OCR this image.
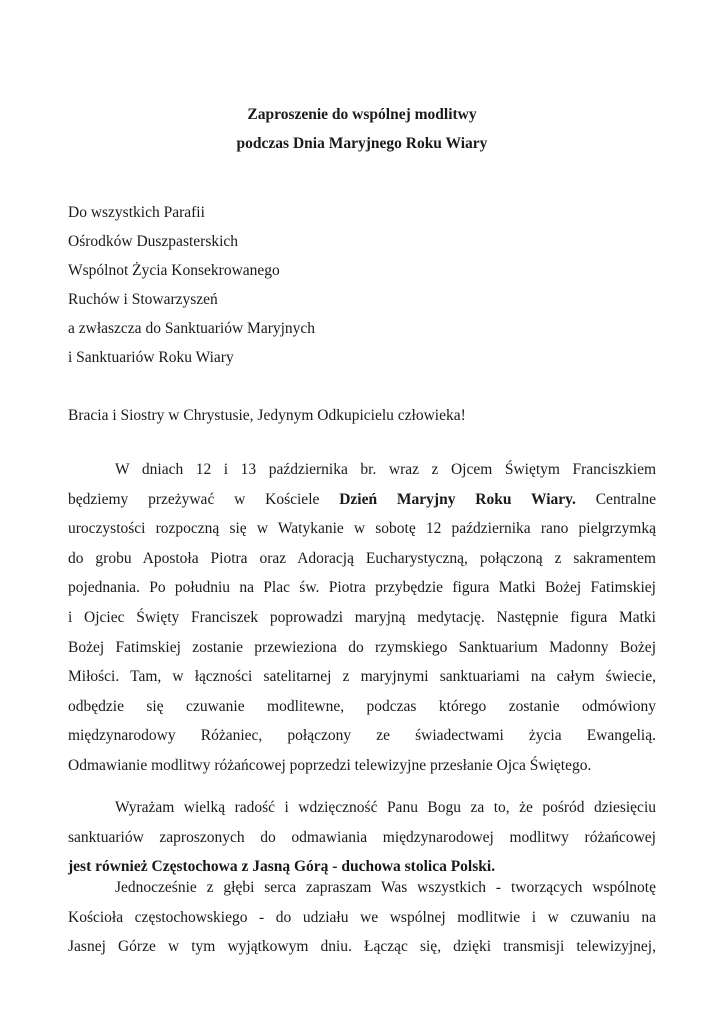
Zaproszenie do wspólnej modlitwy
podczas Dnia Maryjnego Roku Wiary
Do wszystkich Parafii
Ośrodków Duszpasterskich
Wspólnot Życia Konsekrowanego
Ruchów i Stowarzyszeń
a zwłaszcza do Sanktuariów Maryjnych
i Sanktuariów Roku Wiary
Bracia i Siostry w Chrystusie, Jedynym Odkupicielu człowieka!
W dniach 12 i 13 października br. wraz z Ojcem Świętym Franciszkiem
będziemy przeżywać w Kościele Dzień Maryjny Roku Wiary. Centralne
uroczystości rozpoczną się w Watykanie w sobotę 12 października rano pielgrzymką
do grobu Apostoła Piotra oraz Adoracją Eucharystyczną, połączoną z sakramentem
pojednania. Po południu na Plac św. Piotra przybędzie figura Matki Bożej Fatimskiej
i Ojciec Święty Franciszek poprowadzi maryjną medytację. Następnie figura Matki
Bożej Fatimskiej zostanie przewieziona do rzymskiego Sanktuarium Madonny Bożej
Miłości. Tam, w łączności satelitarnej z maryjnymi sanktuariami na całym świecie,
odbędzie się czuwanie modlitewne, podczas którego zostanie odmówiony
międzynarodowy Różaniec, połączony ze świadectwami życia Ewangelią.
Odmawianie modlitwy różańcowej poprzedzi telewizyjne przesłanie Ojca Świętego.
Wyrażam wielką radość i wdzięczność Panu Bogu za to, że pośród dziesięciu
sanktuariów zaproszonych do odmawiania międzynarodowej modlitwy różańcowej
jest również Częstochowa z Jasną Górą - duchowa stolica Polski.
Jednocześnie z głębi serca zapraszam Was wszystkich - tworzących wspólnotę
Kościoła częstochowskiego - do udziału we wspólnej modlitwie i w czuwaniu na
Jasnej Górze w tym wyjątkowym dniu. Łącząc się, dzięki transmisji telewizyjnej,
